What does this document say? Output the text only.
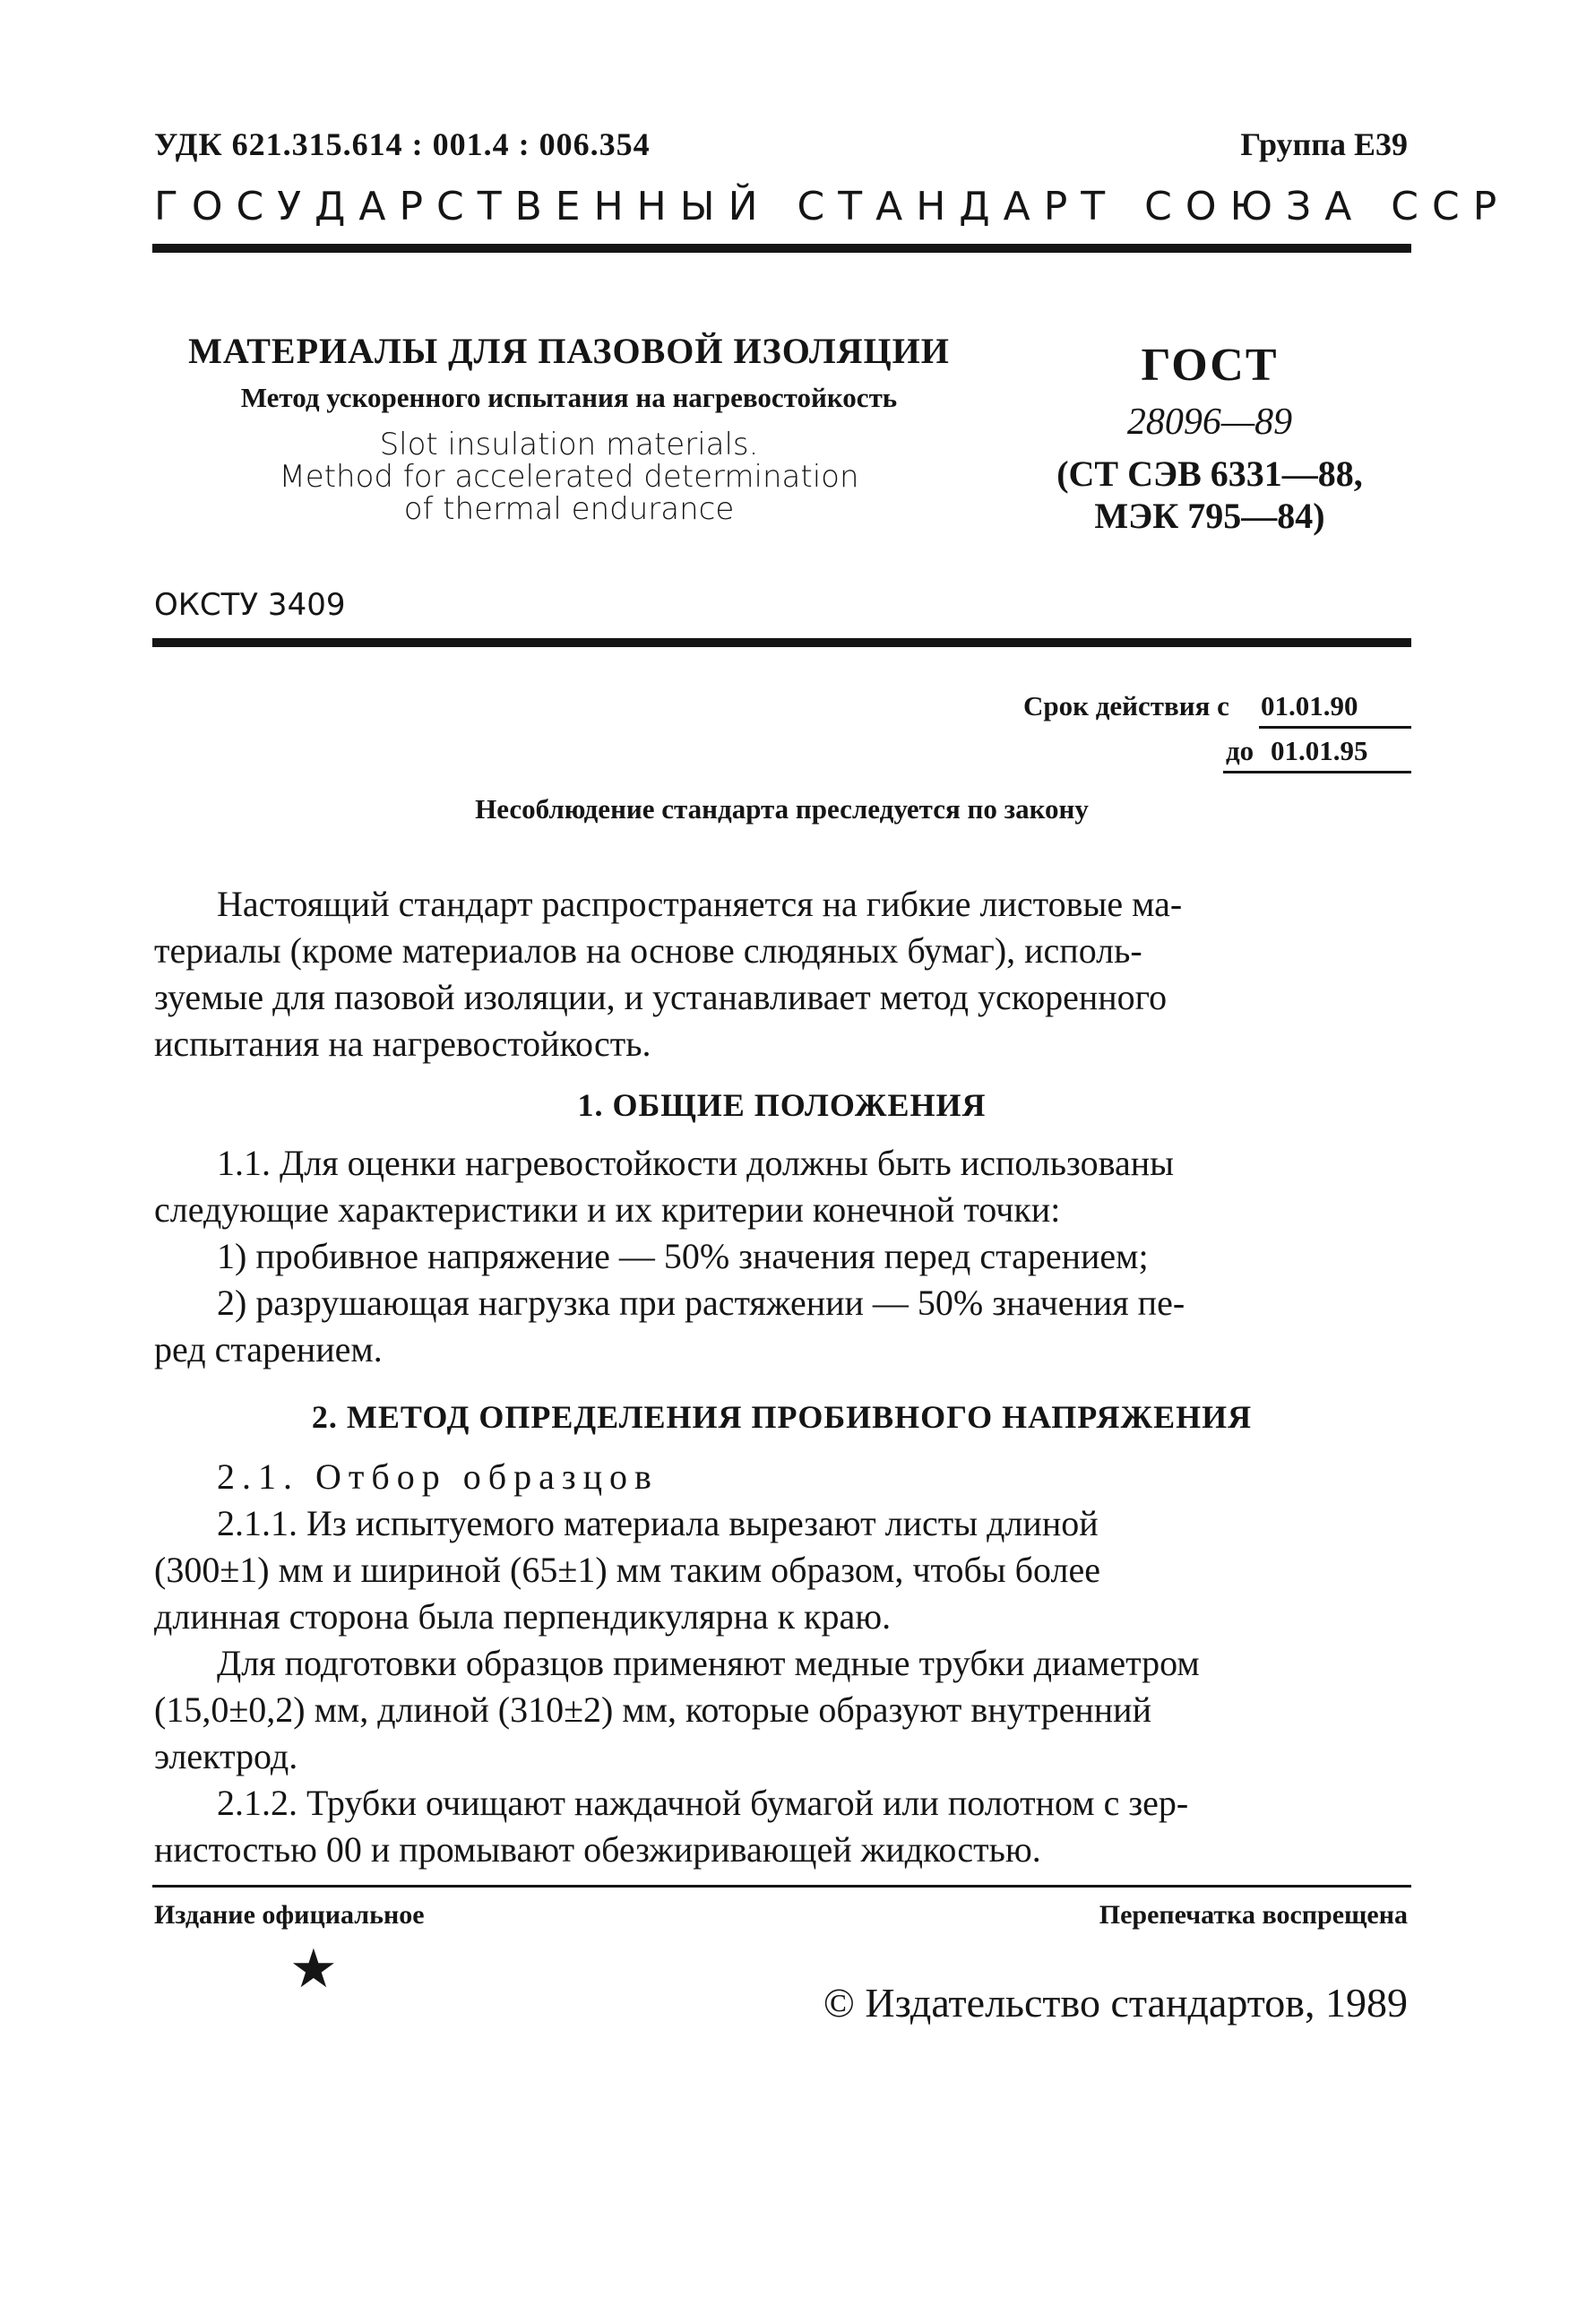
УДК 621.315.614 : 001.4 : 006.354	Группа Е39
ГОСУДАРСТВЕННЫЙ СТАНДАРТ СОЮЗА ССР
МАТЕРИАЛЫ ДЛЯ ПАЗОВОЙ ИЗОЛЯЦИИ
Метод ускоренного испытания на нагревостойкость
Slot insulation materials.
Method for accelerated determination
of thermal endurance
ГОСТ
28096—89
(СТ СЭВ 6331—88,
МЭК 795—84)
ОКСТУ 3409
Срок действия с 01.01.90
до 01.01.95
Несоблюдение стандарта преследуется по закону
Настоящий стандарт распространяется на гибкие листовые ма-
териалы (кроме материалов на основе слюдяных бумаг), исполь-
зуемые для пазовой изоляции, и устанавливает метод ускоренного
испытания на нагревостойкость.
1. ОБЩИЕ ПОЛОЖЕНИЯ
1.1. Для оценки нагревостойкости должны быть использованы
следующие характеристики и их критерии конечной точки:
1) пробивное напряжение — 50% значения перед старением;
2) разрушающая нагрузка при растяжении — 50% значения пе-
ред старением.
2. МЕТОД ОПРЕДЕЛЕНИЯ ПРОБИВНОГО НАПРЯЖЕНИЯ
2.1. Отбор образцов
2.1.1. Из испытуемого материала вырезают листы длиной
(300±1) мм и шириной (65±1) мм таким образом, чтобы более
длинная сторона была перпендикулярна к краю.
Для подготовки образцов применяют медные трубки диаметром
(15,0±0,2) мм, длиной (310±2) мм, которые образуют внутренний
электрод.
2.1.2. Трубки очищают наждачной бумагой или полотном с зер-
нистостью 00 и промывают обезжиривающей жидкостью.
Издание официальное	Перепечатка воспрещена
★
© Издательство стандартов, 1989
